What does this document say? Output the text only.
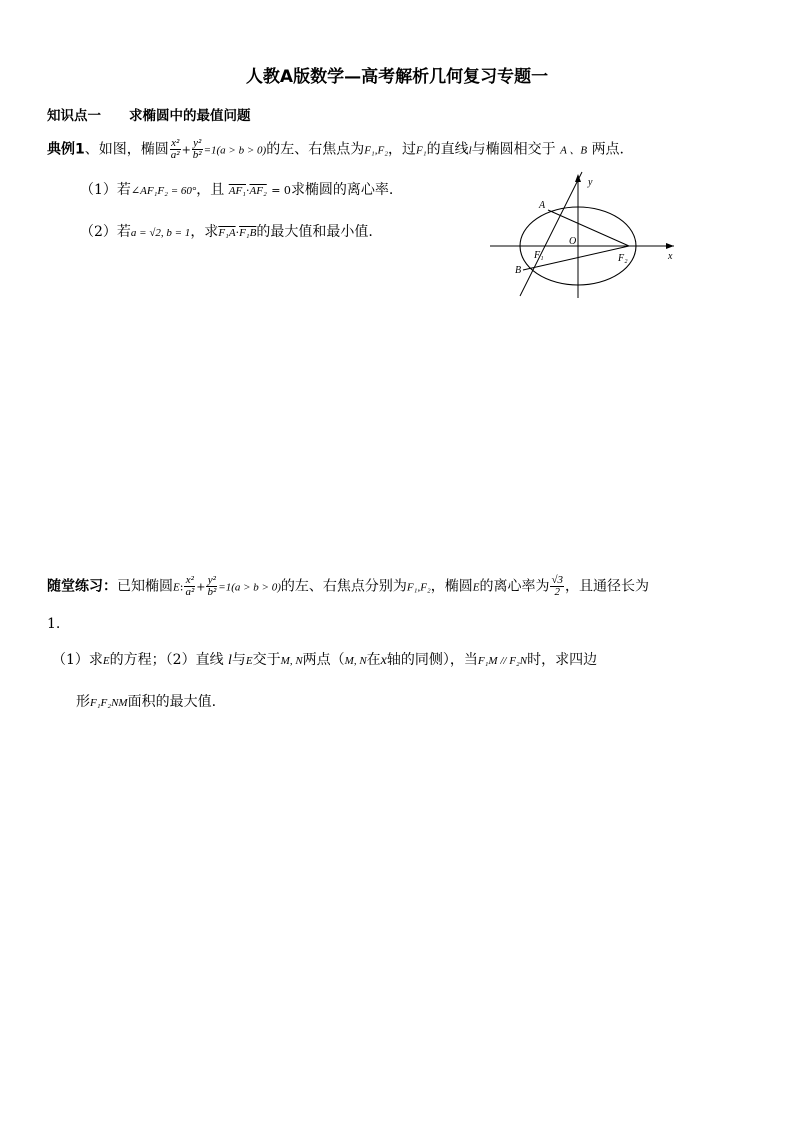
人教A版数学—高考解析几何复习专题一
知识点一 求椭圆中的最值问题
典例1、如图，椭圆 $\frac{\text{x²}}{\text{a²}} + \frac{\text{y²}}{\text{b²}} =1(a > b > 0)$的左、右焦点为F₁,F₂，过F₁的直线l与椭圆相交于 A 、B 两点.
（1）若∠AF₁F₂ = 60°，且 AF₁·AF₂ = 0求椭圆的离心率.
（2）若a = √2, b = 1，求F₁A·F₁B的最大值和最小值.
A
B
O
F₁	F₂	x
y
随堂练习：已知椭圆E: $\frac{\text{x²}}{\text{a²}} + \frac{\text{y²}}{\text{b²}} =1(a > b > 0)$的左、右焦点分别为F₁,F₂，椭圆E的离心率为 $\frac{√3}{2}$ ，且通径长为
1.
（1）求E的方程；（2）直线 l与E交于M, N两点（M, N在x轴的同侧），当F₁M // F₂N时，求四边
形F₁F₂NM面积的最大值.
